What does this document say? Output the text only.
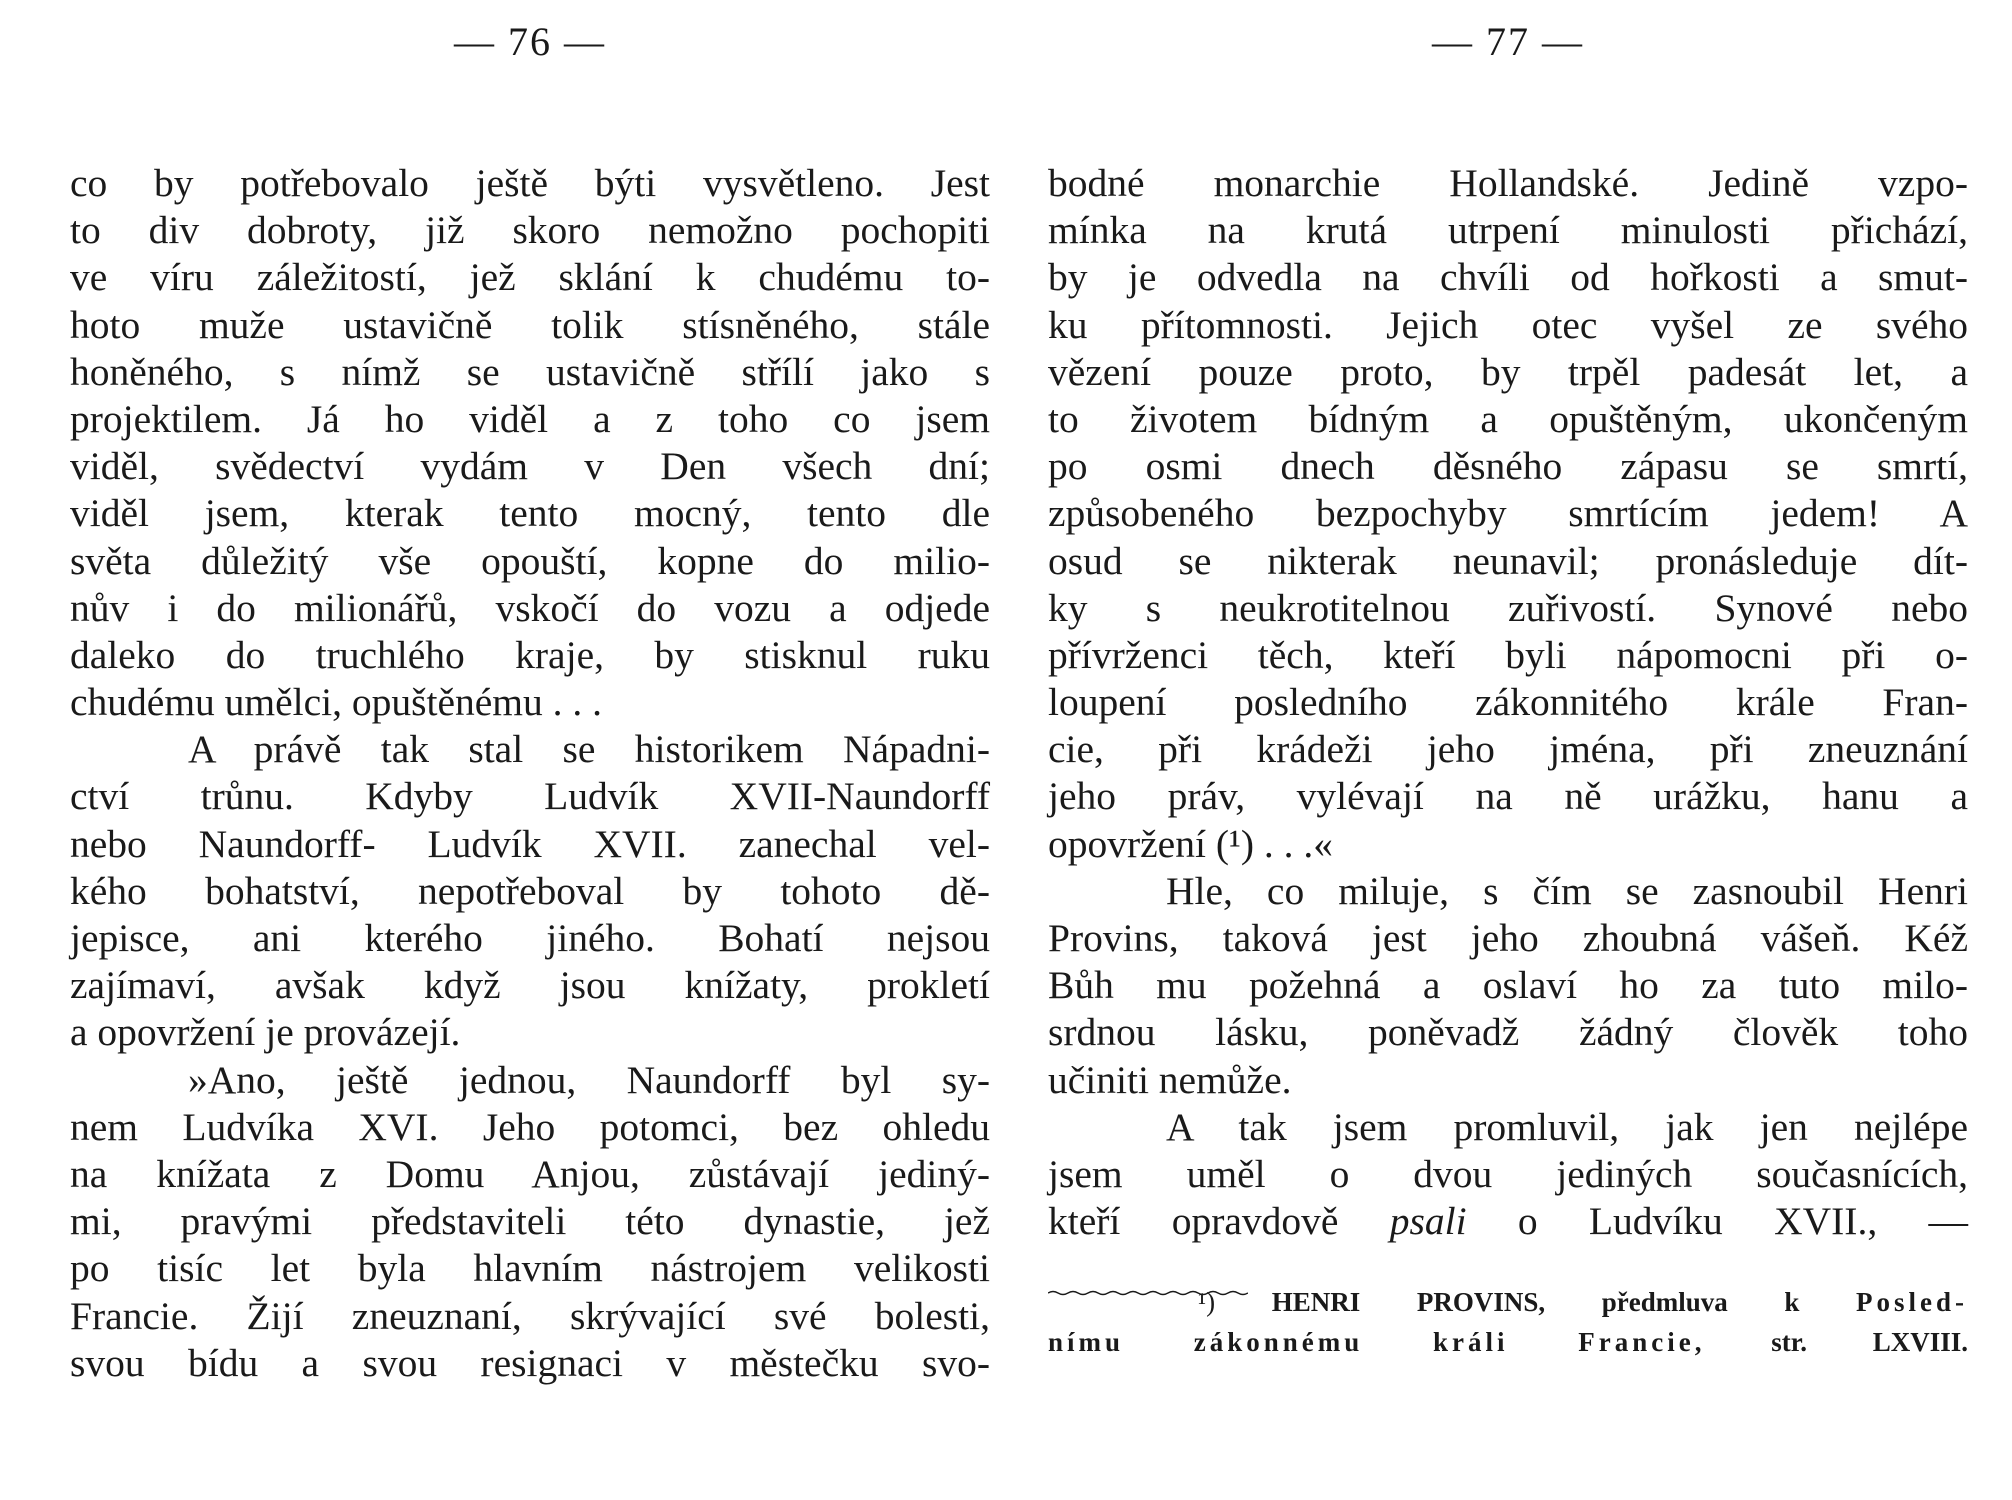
— 76 —
co by potřebovalo ještě býti vysvětleno. Jest
to div dobroty, již skoro nemožno pochopiti
ve víru záležitostí, jež sklání k chudému to-
hoto muže ustavičně tolik stísněného, stále
honěného, s nímž se ustavičně střílí jako s
projektilem. Já ho viděl a z toho co jsem
viděl, svědectví vydám v Den všech dní;
viděl jsem, kterak tento mocný, tento dle
světa důležitý vše opouští, kopne do milio-
nův i do milionářů, vskočí do vozu a odjede
daleko do truchlého kraje, by stisknul ruku
chudému umělci, opuštěnému . . .
A právě tak stal se historikem Nápadni-
ctví trůnu. Kdyby Ludvík XVII-Naundorff
nebo Naundorff- Ludvík XVII. zanechal vel-
kého bohatství, nepotřeboval by tohoto dě-
jepisce, ani kterého jiného. Bohatí nejsou
zajímaví, avšak když jsou knížaty, prokletí
a opovržení je provázejí.
»Ano, ještě jednou, Naundorff byl sy-
nem Ludvíka XVI. Jeho potomci, bez ohledu
na knížata z Domu Anjou, zůstávají jediný-
mi, pravými představiteli této dynastie, jež
po tisíc let byla hlavním nástrojem velikosti
Francie. Žijí zneuznaní, skrývající své bolesti,
svou bídu a svou resignaci v městečku svo-
— 77 —
bodné monarchie Hollandské. Jedině vzpo-
mínka na krutá utrpení minulosti přichází,
by je odvedla na chvíli od hořkosti a smut-
ku přítomnosti. Jejich otec vyšel ze svého
vězení pouze proto, by trpěl padesát let, a
to životem bídným a opuštěným, ukončeným
po osmi dnech děsného zápasu se smrtí,
způsobeného bezpochyby smrtícím jedem! A
osud se nikterak neunavil; pronásleduje dít-
ky s neukrotitelnou zuřivostí. Synové nebo
přívrženci těch, kteří byli nápomocni při o-
loupení posledního zákonnitého krále Fran-
cie, při krádeži jeho jména, při zneuznání
jeho práv, vylévají na ně urážku, hanu a
opovržení (¹) . . .«
Hle, co miluje, s čím se zasnoubil Henri
Provins, taková jest jeho zhoubná vášeň. Kéž
Bůh mu požehná a oslaví ho za tuto milo-
srdnou lásku, poněvadž žádný člověk toho
učiniti nemůže.
A tak jsem promluvil, jak jen nejlépe
jsem uměl o dvou jediných současnících,
kteří opravdově psali o Ludvíku XVII., —
¹) HENRI PROVINS, předmluva k Posled-
nímu zákonnému králi Francie, str. LXVIII.
